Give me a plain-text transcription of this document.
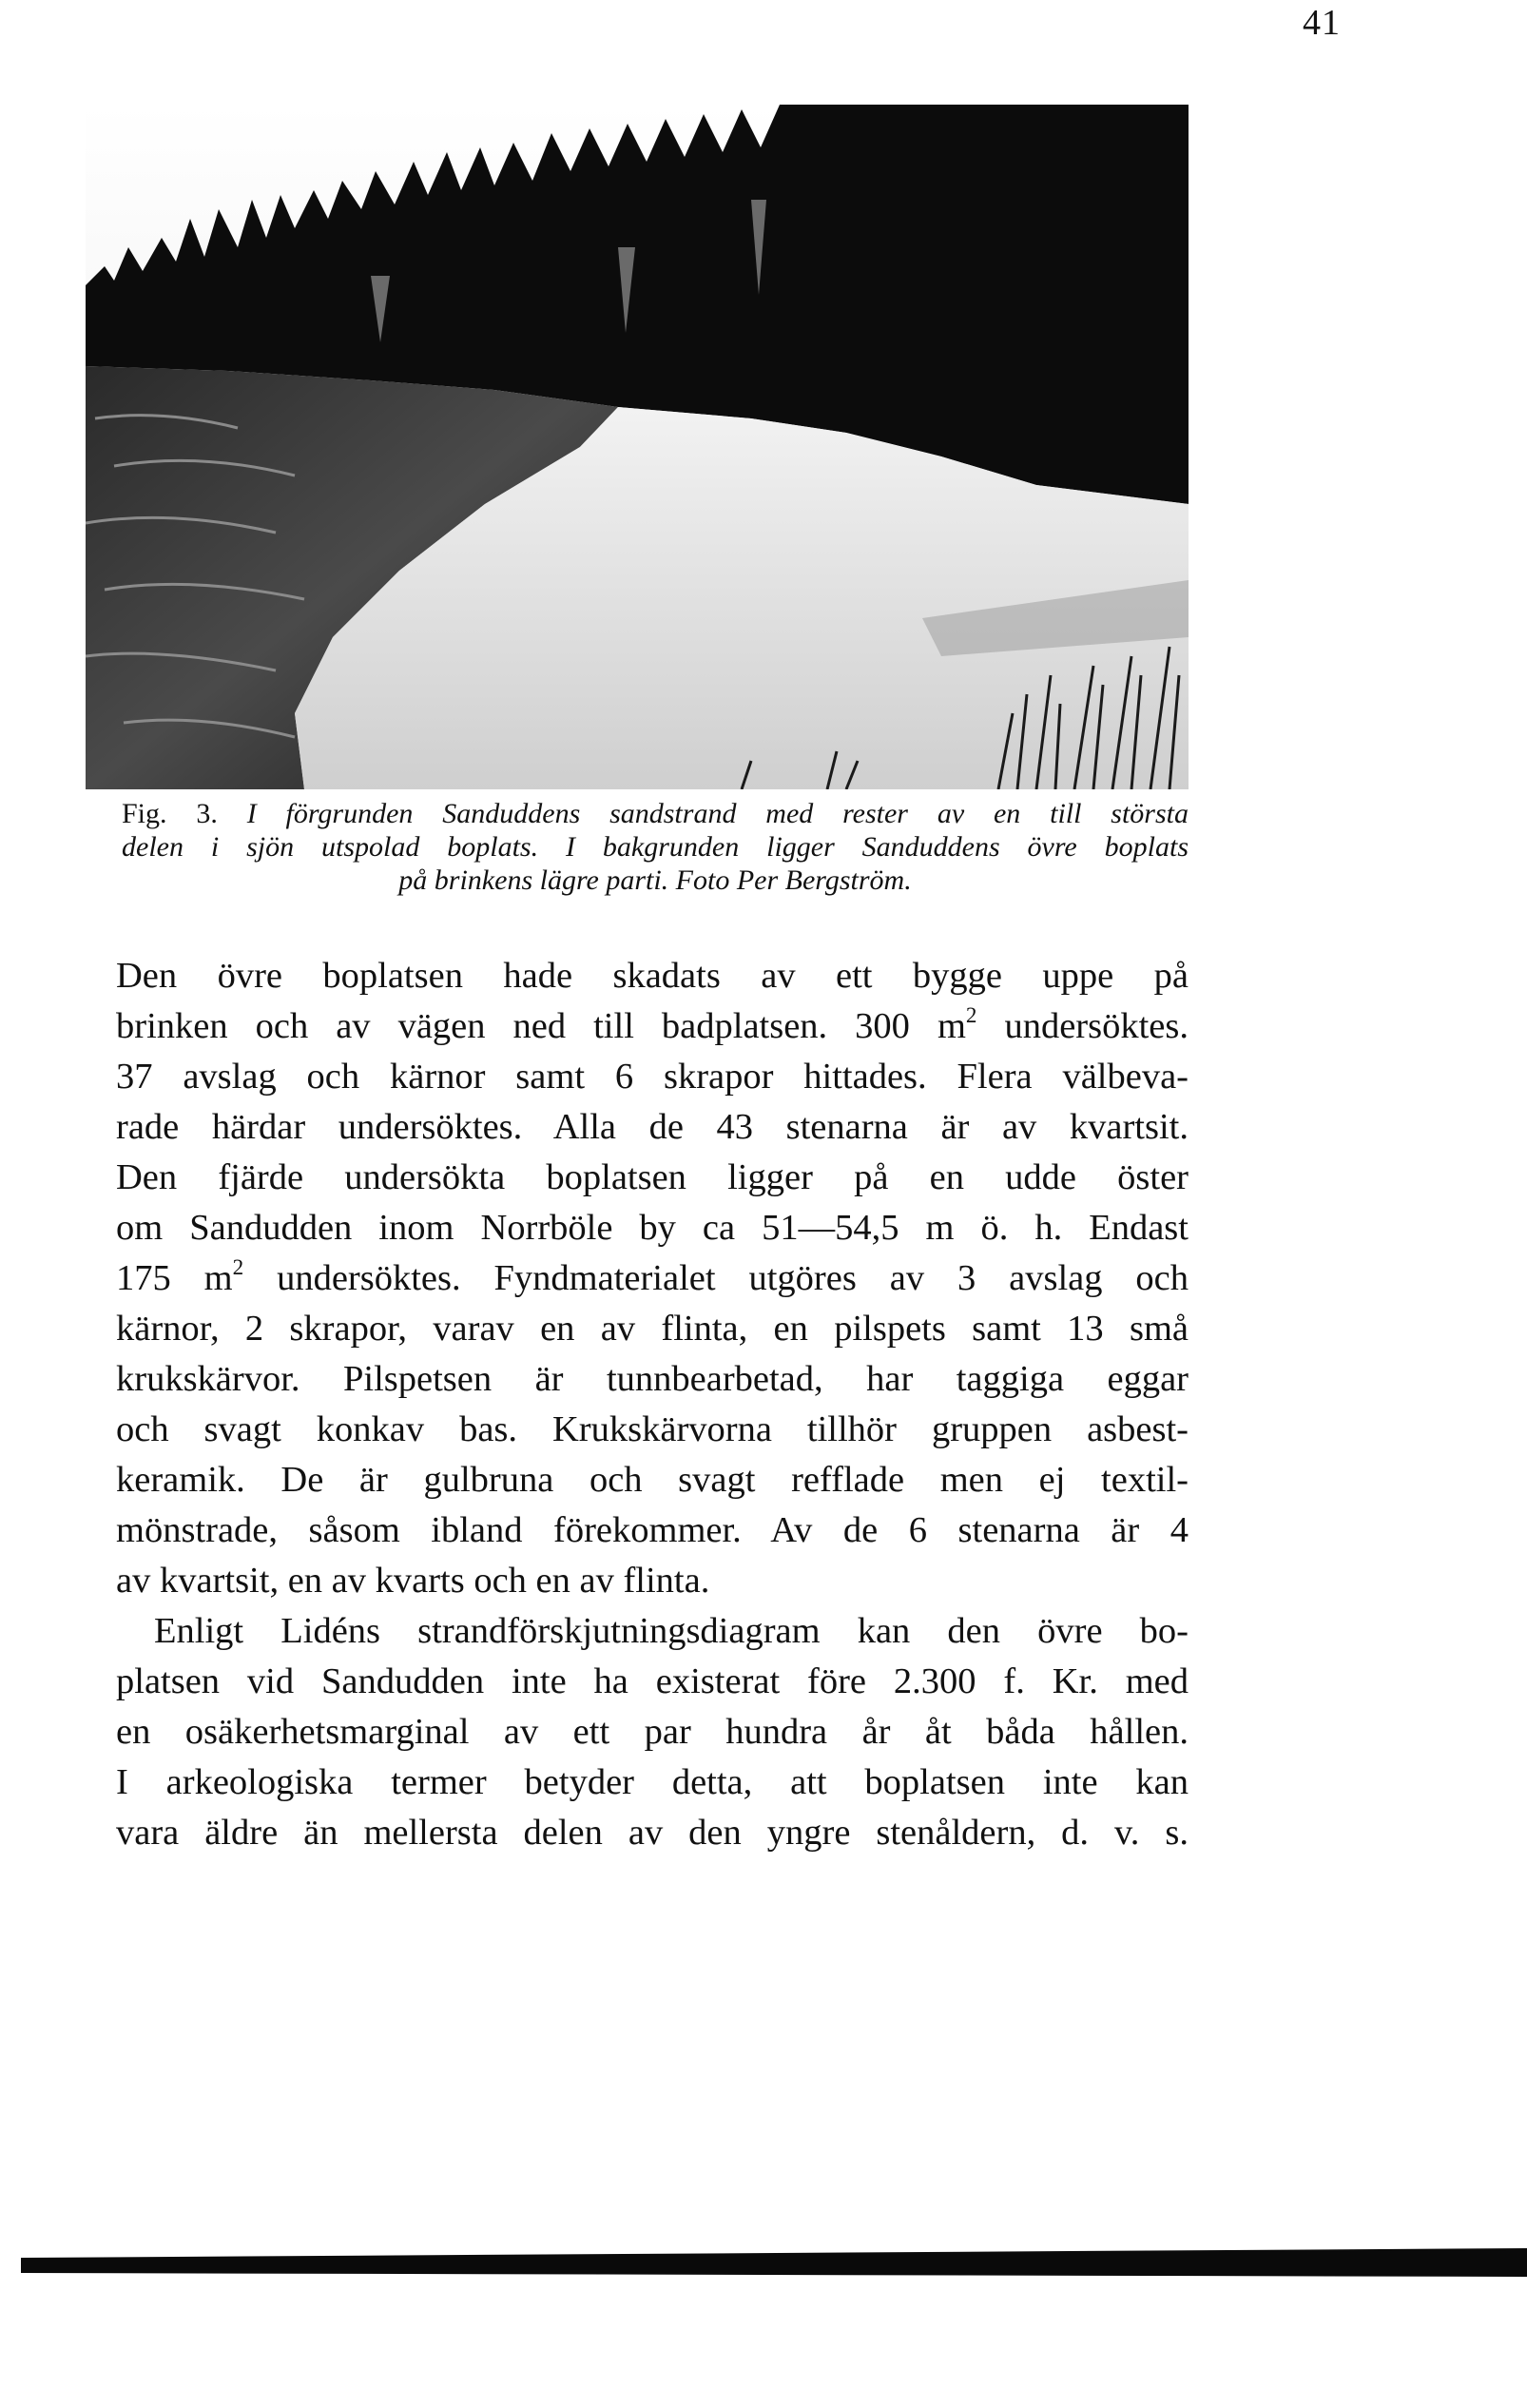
41
Fig. 3. I förgrunden Sanduddens sandstrand med rester av en till största
delen i sjön utspolad boplats. I bakgrunden ligger Sanduddens övre boplats
på brinkens lägre parti. Foto Per Bergström.
Den övre boplatsen hade skadats av ett bygge uppe på
brinken och av vägen ned till badplatsen. 300 $m^2$ undersöktes.
37 avslag och kärnor samt 6 skrapor hittades. Flera välbeva-
rade härdar undersöktes. Alla de 43 stenarna är av kvartsit.
Den fjärde undersökta boplatsen ligger på en udde öster
om Sandudden inom Norrböle by ca 51—54,5 m ö. h. Endast
175 $m^2$ undersöktes. Fyndmaterialet utgöres av 3 avslag och
kärnor, 2 skrapor, varav en av flinta, en pilspets samt 13 små
krukskärvor. Pilspetsen är tunnbearbetad, har taggiga eggar
och svagt konkav bas. Krukskärvorna tillhör gruppen asbest-
keramik. De är gulbruna och svagt refflade men ej textil-
mönstrade, såsom ibland förekommer. Av de 6 stenarna är 4
av kvartsit, en av kvarts och en av flinta.
Enligt Lidéns strandförskjutningsdiagram kan den övre bo-
platsen vid Sandudden inte ha existerat före 2.300 f. Kr. med
en osäkerhetsmarginal av ett par hundra år åt båda hållen.
I arkeologiska termer betyder detta, att boplatsen inte kan
vara äldre än mellersta delen av den yngre stenåldern, d. v. s.
